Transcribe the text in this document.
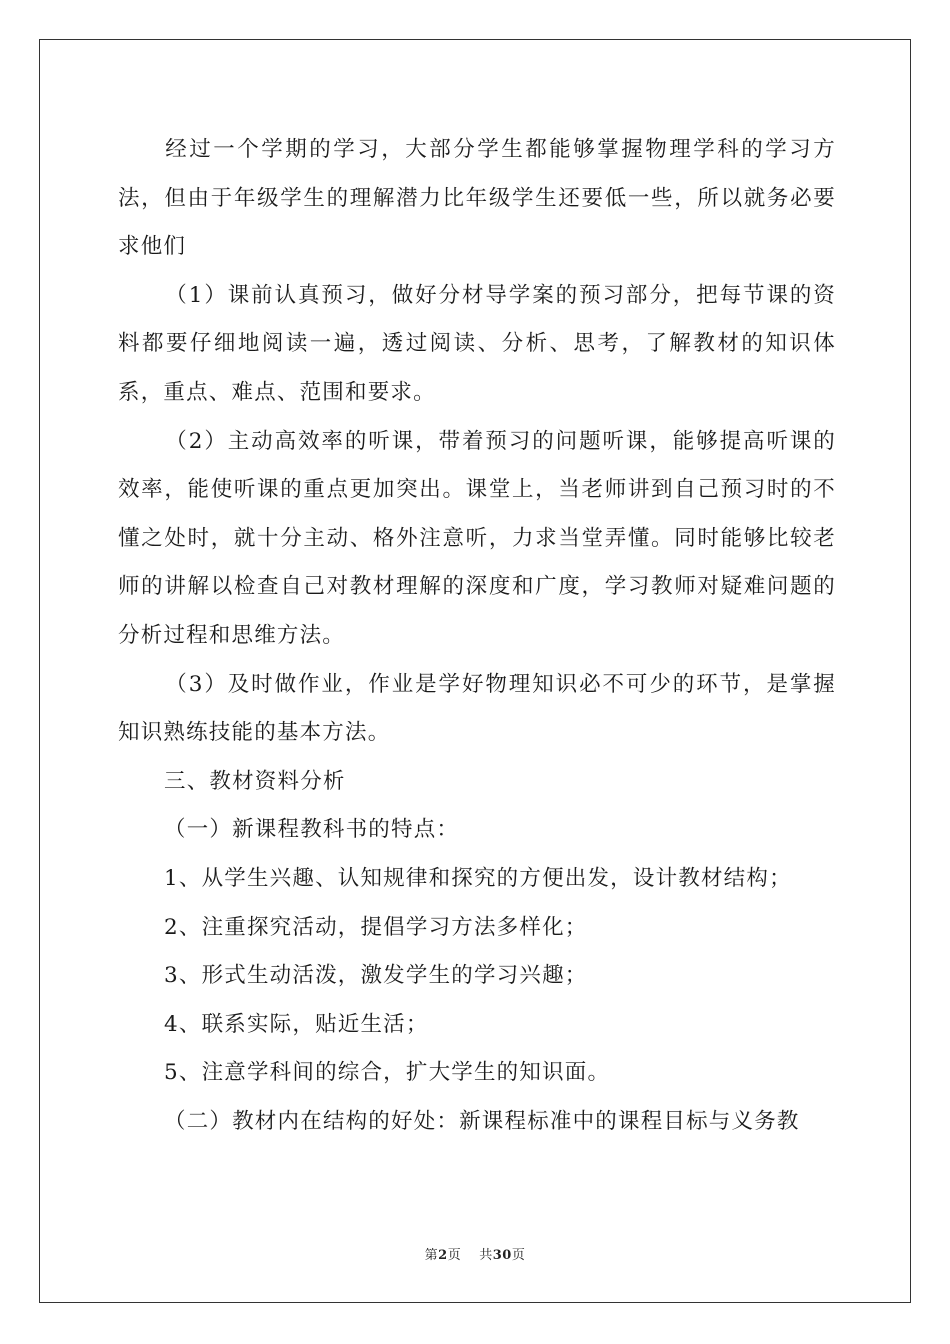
经过一个学期的学习，大部分学生都能够掌握物理学科的学习方法，但由于年级学生的理解潜力比年级学生还要低一些，所以就务必要求他们

（1）课前认真预习，做好分材导学案的预习部分，把每节课的资料都要仔细地阅读一遍，透过阅读、分析、思考，了解教材的知识体系，重点、难点、范围和要求。

（2）主动高效率的听课，带着预习的问题听课，能够提高听课的效率，能使听课的重点更加突出。课堂上，当老师讲到自己预习时的不懂之处时，就十分主动、格外注意听，力求当堂弄懂。同时能够比较老师的讲解以检查自己对教材理解的深度和广度，学习教师对疑难问题的分析过程和思维方法。

（3）及时做作业，作业是学好物理知识必不可少的环节，是掌握知识熟练技能的基本方法。

三、教材资料分析

（一）新课程教科书的特点：

1、从学生兴趣、认知规律和探究的方便出发，设计教材结构；

2、注重探究活动，提倡学习方法多样化；

3、形式生动活泼，激发学生的学习兴趣；

4、联系实际，贴近生活；

5、注意学科间的综合，扩大学生的知识面。

（二）教材内在结构的好处：新课程标准中的课程目标与义务教

第2页 共30页
